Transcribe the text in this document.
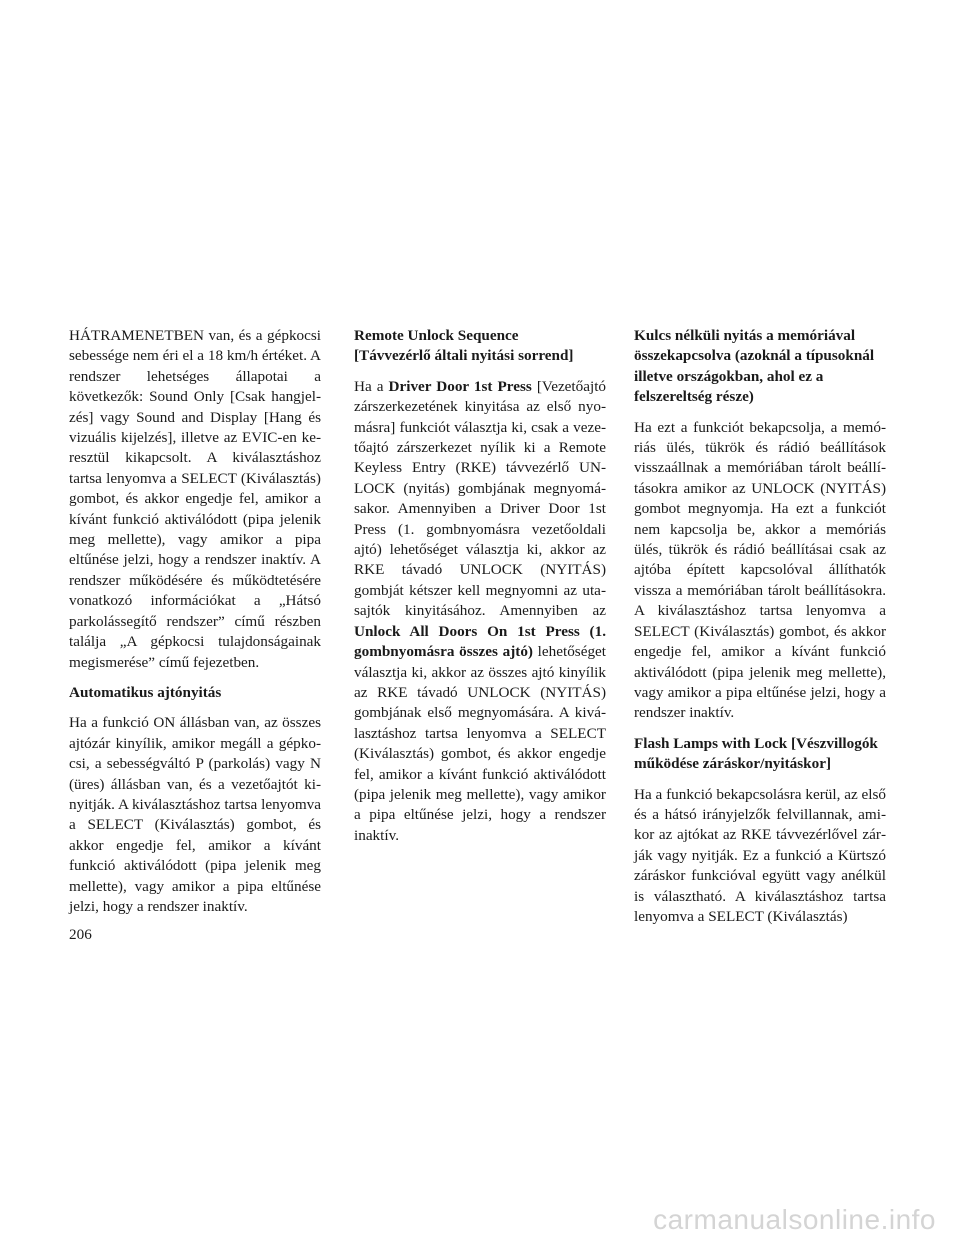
HÁTRAMENETBEN van, és a gépkocsi sebessége nem éri el a 18 km/h értéket. A rendszer lehetséges állapotai a következők: Sound Only [Csak hangjelzés] vagy Sound and Display [Hang és vizuális kijelzés], illetve az EVIC-en keresztül kikapcsolt. A kiválasztáshoz tartsa lenyomva a SELECT (Kiválasztás) gombot, és akkor engedje fel, amikor a kívánt funkció aktiválódott (pipa jelenik meg mellette), vagy amikor a pipa eltűnése jelzi, hogy a rendszer inaktív. A rendszer működésére és működtetésére vonatkozó információkat a „Hátsó parkolássegítő rendszer” című részben találja „A gépkocsi tulajdonságainak megismerése” című fejezetben.

Automatikus ajtónyitás

Ha a funkció ON állásban van, az összes ajtózár kinyílik, amikor megáll a gépkocsi, a sebességváltó P (parkolás) vagy N (üres) állásban van, és a vezetőajtót kinyitják. A kiválasztáshoz tartsa lenyomva a SELECT (Kiválasztás) gombot, és akkor engedje fel, amikor a kívánt funkció aktiválódott (pipa jelenik meg mellette), vagy amikor a pipa eltűnése jelzi, hogy a rendszer inaktív.

Remote Unlock Sequence
[Távvezérlő általi nyitási sorrend]

Ha a Driver Door 1st Press [Vezetőajtó zárszerkezetének kinyitása az első nyomásra] funkciót választja ki, csak a vezetőajtó zárszerkezet nyílik ki a Remote Keyless Entry (RKE) távvezérlő UNLOCK (nyitás) gombjának megnyomásakor. Amennyiben a Driver Door 1st Press (1. gombnyomásra vezetőoldali ajtó) lehetőséget választja ki, akkor az RKE távadó UNLOCK (NYITÁS) gombját kétszer kell megnyomni az utasajtók kinyitásához. Amennyiben az Unlock All Doors On 1st Press (1. gombnyomásra összes ajtó) lehetőséget választja ki, akkor az összes ajtó kinyílik az RKE távadó UNLOCK (NYITÁS) gombjának első megnyomására. A kiválasztáshoz tartsa lenyomva a SELECT (Kiválasztás) gombot, és akkor engedje fel, amikor a kívánt funkció aktiválódott (pipa jelenik meg mellette), vagy amikor a pipa eltűnése jelzi, hogy a rendszer inaktív.

Kulcs nélküli nyitás a memóriával összekapcsolva (azoknál a típusoknál illetve országokban, ahol ez a felszereltség része)

Ha ezt a funkciót bekapcsolja, a memóriás ülés, tükrök és rádió beállítások visszaállnak a memóriában tárolt beállításokra amikor az UNLOCK (NYITÁS) gombot megnyomja. Ha ezt a funkciót nem kapcsolja be, akkor a memóriás ülés, tükrök és rádió beállításai csak az ajtóba épített kapcsolóval állíthatók vissza a memóriában tárolt beállításokra. A kiválasztáshoz tartsa lenyomva a SELECT (Kiválasztás) gombot, és akkor engedje fel, amikor a kívánt funkció aktiválódott (pipa jelenik meg mellette), vagy amikor a pipa eltűnése jelzi, hogy a rendszer inaktív.

Flash Lamps with Lock [Vészvillogók működése záráskor/nyitáskor]

Ha a funkció bekapcsolásra kerül, az első és a hátsó irányjelzők felvillannak, amikor az ajtókat az RKE távvezérlővel zárják vagy nyitják. Ez a funkció a Kürtszó záráskor funkcióval együtt vagy anélkül is választható. A kiválasztáshoz tartsa lenyomva a SELECT (Kiválasztás)

206
carmanualsonline.info
